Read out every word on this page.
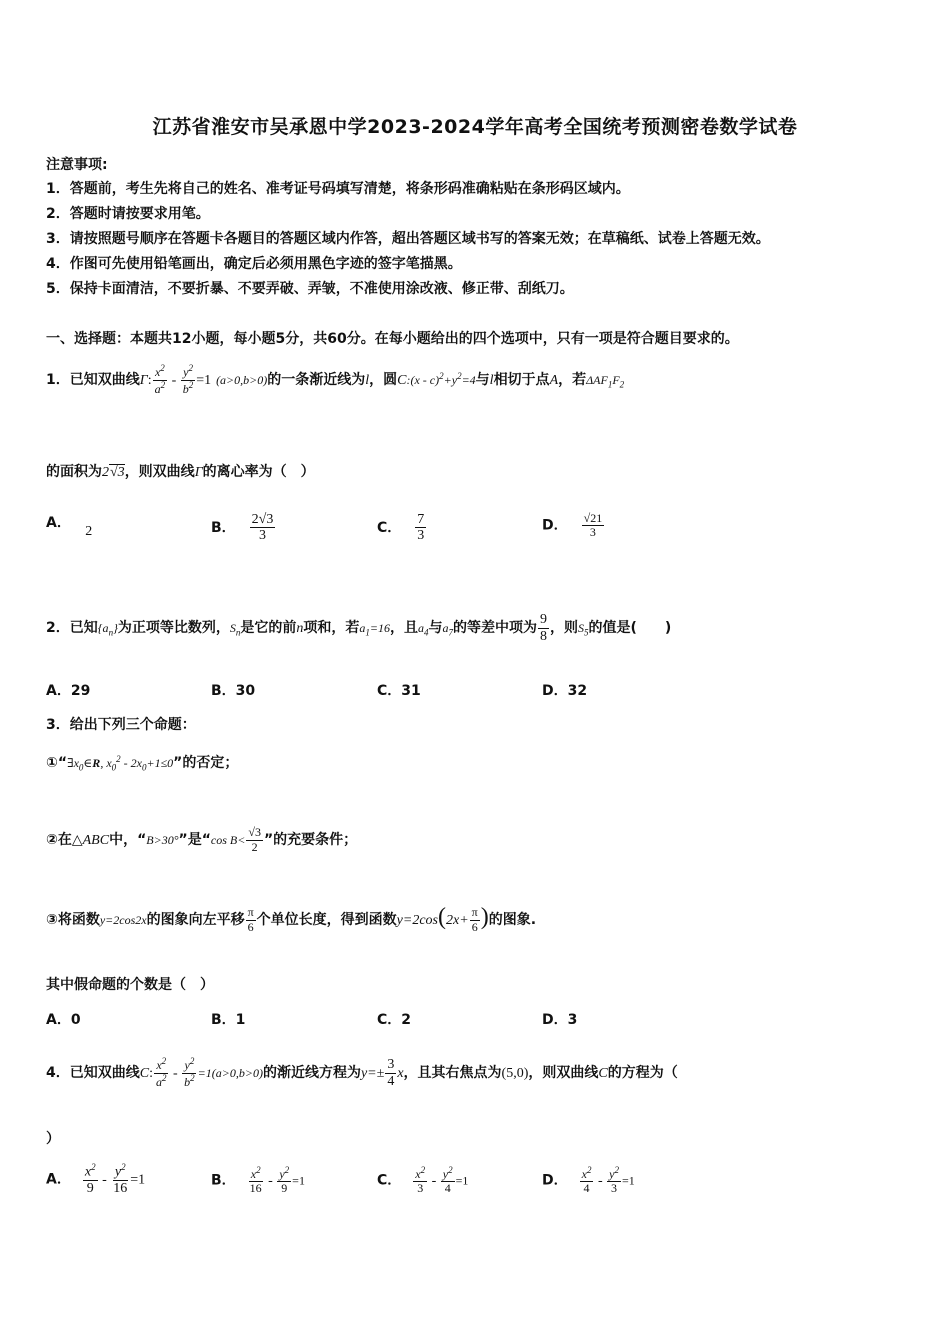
江苏省淮安市吴承恩中学2023-2024学年高考全国统考预测密卷数学试卷
注意事项:
1．答题前，考生先将自己的姓名、准考证号码填写清楚，将条形码准确粘贴在条形码区域内。
2．答题时请按要求用笔。
3．请按照题号顺序在答题卡各题目的答题区域内作答，超出答题区域书写的答案无效；在草稿纸、试卷上答题无效。
4．作图可先使用铅笔画出，确定后必须用黑色字迹的签字笔描黑。
5．保持卡面清洁，不要折暴、不要弄破、弄皱，不准使用涂改液、修正带、刮纸刀。
一、选择题：本题共12小题，每小题5分，共60分。在每小题给出的四个选项中，只有一项是符合题目要求的。
1．已知双曲线Γ: $\frac{x^2}{a^2} - \frac{y^2}{b^2} =1$ (a>0,b>0)的一条渐近线为l，圆C:(x - $c)^2+y^2=4$与l相切于点A，若$\Delta AF_1F_2$
的面积为2√3，则双曲线Γ的离心率为（　）
A． 2	B． $\frac{2√3}{3}$	C． $\frac{7}{3}$	D． $\frac{√21}{3}$
2．已知$\{a_n\}$为正项等比数列，$S_n$是它的前n项和，若$a_1=16$，且$a_4$与$a_7$的等差中项为 $\frac{9}{8}$ ，则$S_5$的值是(　　)
A．29	B．30	C．31	D．32
3．给出下列三个命题：
$①“\exists x_0\in R$, $x_0^2 - 2x_0+1\le 0$”的否定；
②在△ABC中，“B>30°”是“cos $B< \frac{√3}{2}$ ”的充要条件；
③将函数y=2cos2x的图象向左平移 $\frac{\pi}{6}$ 个单位长度，得到函数$y=2\cos(2x+ \frac{\pi}{6}$ )的图象.
其中假命题的个数是（　）
A．0	B．1	C．2	D．3
4．已知双曲线C: $\frac{x^2}{a^2} - \frac{y^2}{b^2} =1(a>0,b>0)$的渐近线方程为$y=\pm \frac{3}{4}$ x，且其右焦点为(5,0)，则双曲线C的方程为（
）
A． $\frac{x^2}{9} - \frac{y^2}{16} =1$	B． $\frac{x^2}{16} - \frac{y^2}{9} =1$	C． $\frac{x^2}{3} - \frac{y^2}{4} =1$	D． $\frac{x^2}{4} - \frac{y^2}{3} =1$
